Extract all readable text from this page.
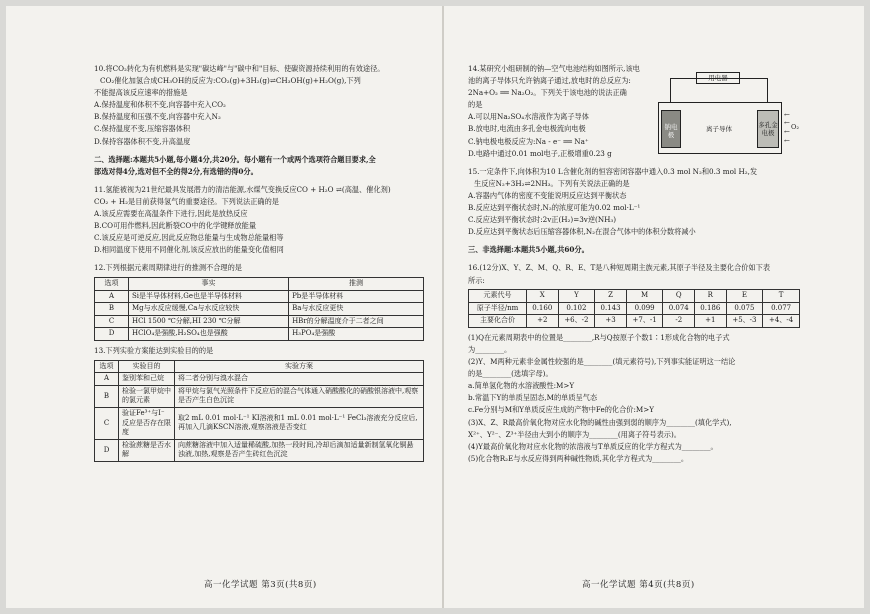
10.将CO₂转化为有机燃料是实现"碳达峰"与"碳中和"目标、使碳资源持续利用的有效途径。

CO₂催化加氢合成CH₃OH的反应为:CO₂(g)+3H₂(g)⇌CH₃OH(g)+H₂O(g),下列

不能提高该反应速率的措施是

A.保持温度和体积不变,向容器中充入CO₂

B.保持温度和压强不变,向容器中充入N₂

C.保持温度不变,压缩容器体积

D.保持容器体积不变,升高温度

二、选择题:本题共5小题,每小题4分,共20分。每小题有一个或两个选项符合题目要求,全

部选对得4分,选对但不全的得2分,有选错的得0分。

11.氢能被视为21世纪最具发展潜力的清洁能源,水煤气变换反应CO + H₂O ⇌(高温、催化剂)

CO₂ + H₂是目前获得氢气的重要途径。下列说法正确的是

A.该反应需要在高温条件下进行,因此是放热反应

B.CO可用作燃料,因此断裂CO中的化学键释放能量

C.该反应是可逆反应,因此反应物总能量与生成物总能量相等

D.相同温度下使用不同催化剂,该反应放出的能量变化值相同

12.下列根据元素周期律进行的推测不合理的是

选项	事实	推测
A	Si是半导体材料,Ge也是半导体材料	Pb是半导体材料
B	Mg与水反应缓慢,Ca与水反应较快	Ba与水反应更快
C	HCl 1500 ℃分解,HI 230 ℃分解	HBr的分解温度介于二者之间
D	HClO₄是强酸,H₂SO₄也是强酸	H₃PO₄是强酸

13.下列实验方案能达到实验目的的是

选项	实验目的	实验方案
A	鉴别苯和己烷	将二者分别与溴水混合
B	检验一氯甲烷中的氯元素	将甲烷与氯气光照条件下反应后的混合气体通入硝酸酸化的硝酸银溶液中,观察是否产生白色沉淀
C	验证Fe³⁺与I⁻反应是否存在限度	取2 mL 0.01 mol·L⁻¹ KI溶液和1 mL 0.01 mol·L⁻¹ FeCl₃溶液充分反应后,再加入几滴KSCN溶液,观察溶液是否变红
D	检验蔗糖是否水解	向蔗糖溶液中加入适量稀硫酸,加热一段时间,冷却后滴加适量新制氢氧化铜悬浊液,加热,观察是否产生砖红色沉淀
高一化学试题 第3页(共8页)

14.某研究小组研制的钠—空气电池结构如图所示,该电

池的离子导体只允许钠离子通过,放电时的总反应为:

2Na+O₂ ══ Na₂O₂。下列关于该电池的说法正确

的是

A.可以用Na₂SO₄水溶液作为离子导体

B.放电时,电流由多孔金电极流向电极

C.钠电极电极反应为:Na - e⁻ ══ Na⁺

D.电路中通过0.01 mol电子,正极增重0.23 g

15.一定条件下,向体积为10 L含催化剂的恒容密闭容器中通入0.3 mol N₂和0.3 mol H₂,发

生反应N₂+3H₂⇌2NH₃。下列有关说法正确的是

A.容器内气体的密度不变能说明反应达到平衡状态

B.反应达到平衡状态时,N₂的浓度可能为0.02 mol·L⁻¹

C.反应达到平衡状态时:2v正(H₂)=3v逆(NH₃)

D.反应达到平衡状态后压缩容器体积,N₂在混合气体中的体积分数将减小

三、非选择题:本题共5小题,共60分。

16.(12分)X、Y、Z、M、Q、R、E、T是八种短周期主族元素,其原子半径及主要化合价如下表

所示:

元素代号	X	Y	Z	M	Q	R	E	T
原子半径/nm	0.160	0.102	0.143	0.099	0.074	0.186	0.075	0.077
主要化合价	+2	+6、-2	+3	+7、-1	-2	+1	+5、-3	+4、-4

(1)Q在元素周期表中的位置是________,R与Q按原子个数1∶1形成化合物的电子式

为________。

(2)Y、M两种元素非金属性较强的是________(填元素符号),下列事实能证明这一结论

的是________(选填字母)。

a.简单氢化物的水溶液酸性:M>Y

b.常温下Y的单质呈固态,M的单质呈气态

c.Fe分别与M和Y单质反应生成的产物中Fe的化合价:M>Y

(3)X、Z、R最高价氧化物对应水化物的碱性由强到弱的顺序为________(填化学式),

X²⁺、Y²⁻、Z³⁺半径由大到小的顺序为________(用离子符号表示)。

(4)Y最高价氧化物对应水化物的浓溶液与T单质反应的化学方程式为________。

(5)化合物R₂E与水反应得到两种碱性物质,其化学方程式为________。

用电器
钠电极
离子导体	多孔金电极
←
←
←
←
O₂
高一化学试题 第4页(共8页)
